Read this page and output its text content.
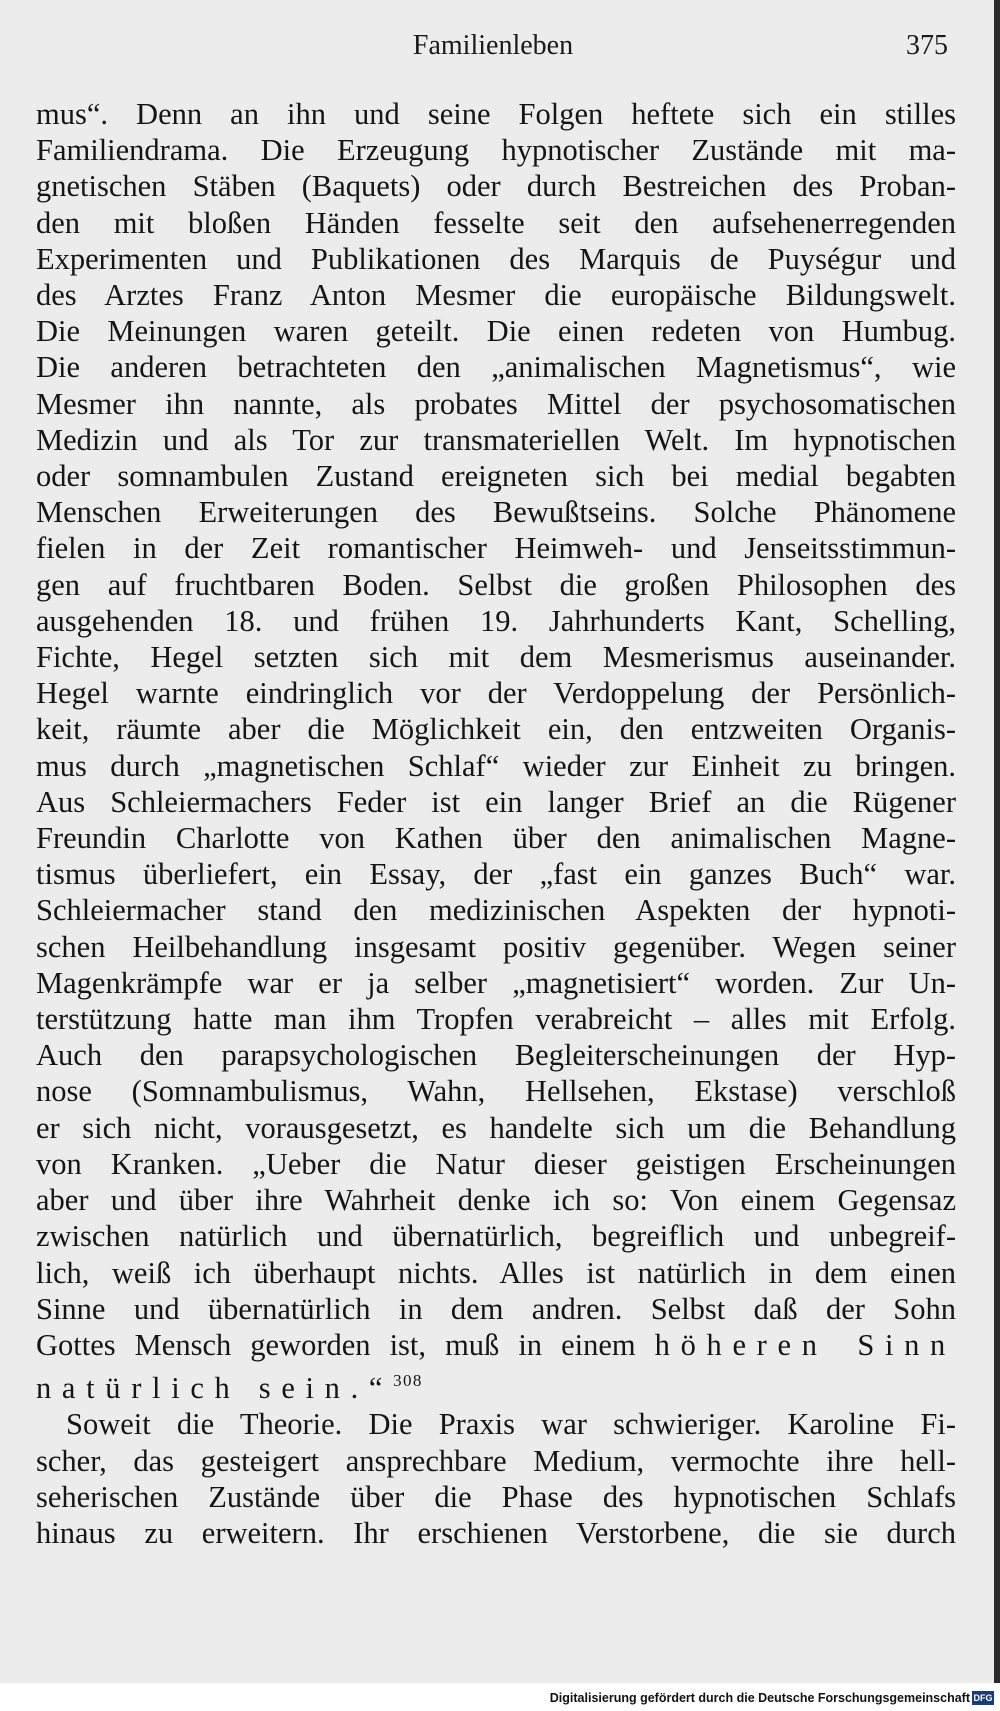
Familienleben	375
mus“. Denn an ihn und seine Folgen heftete sich ein stilles
Familiendrama. Die Erzeugung hypnotischer Zustände mit ma-
gnetischen Stäben (Baquets) oder durch Bestreichen des Proban-
den mit bloßen Händen fesselte seit den aufsehenerregenden
Experimenten und Publikationen des Marquis de Puységur und
des Arztes Franz Anton Mesmer die europäische Bildungswelt.
Die Meinungen waren geteilt. Die einen redeten von Humbug.
Die anderen betrachteten den „animalischen Magnetismus“, wie
Mesmer ihn nannte, als probates Mittel der psychosomatischen
Medizin und als Tor zur transmateriellen Welt. Im hypnotischen
oder somnambulen Zustand ereigneten sich bei medial begabten
Menschen Erweiterungen des Bewußtseins. Solche Phänomene
fielen in der Zeit romantischer Heimweh- und Jenseitsstimmun-
gen auf fruchtbaren Boden. Selbst die großen Philosophen des
ausgehenden 18. und frühen 19. Jahrhunderts Kant, Schelling,
Fichte, Hegel setzten sich mit dem Mesmerismus auseinander.
Hegel warnte eindringlich vor der Verdoppelung der Persönlich-
keit, räumte aber die Möglichkeit ein, den entzweiten Organis-
mus durch „magnetischen Schlaf“ wieder zur Einheit zu bringen.
Aus Schleiermachers Feder ist ein langer Brief an die Rügener
Freundin Charlotte von Kathen über den animalischen Magne-
tismus überliefert, ein Essay, der „fast ein ganzes Buch“ war.
Schleiermacher stand den medizinischen Aspekten der hypnoti-
schen Heilbehandlung insgesamt positiv gegenüber. Wegen seiner
Magenkrämpfe war er ja selber „magnetisiert“ worden. Zur Un-
terstützung hatte man ihm Tropfen verabreicht – alles mit Erfolg.
Auch den parapsychologischen Begleiterscheinungen der Hyp-
nose (Somnambulismus, Wahn, Hellsehen, Ekstase) verschloß
er sich nicht, vorausgesetzt, es handelte sich um die Behandlung
von Kranken. „Ueber die Natur dieser geistigen Erscheinungen
aber und über ihre Wahrheit denke ich so: Von einem Gegensaz
zwischen natürlich und übernatürlich, begreiflich und unbegreif-
lich, weiß ich überhaupt nichts. Alles ist natürlich in dem einen
Sinne und übernatürlich in dem andren. Selbst daß der Sohn
Gottes Mensch geworden ist, muß in einem höheren Sinn
natürlich sein.“$^{308}$
Soweit die Theorie. Die Praxis war schwieriger. Karoline Fi-
scher, das gesteigert ansprechbare Medium, vermochte ihre hell-
seherischen Zustände über die Phase des hypnotischen Schlafs
hinaus zu erweitern. Ihr erschienen Verstorbene, die sie durch
Digitalisierung gefördert durch die Deutsche Forschungsgemeinschaft DFG
